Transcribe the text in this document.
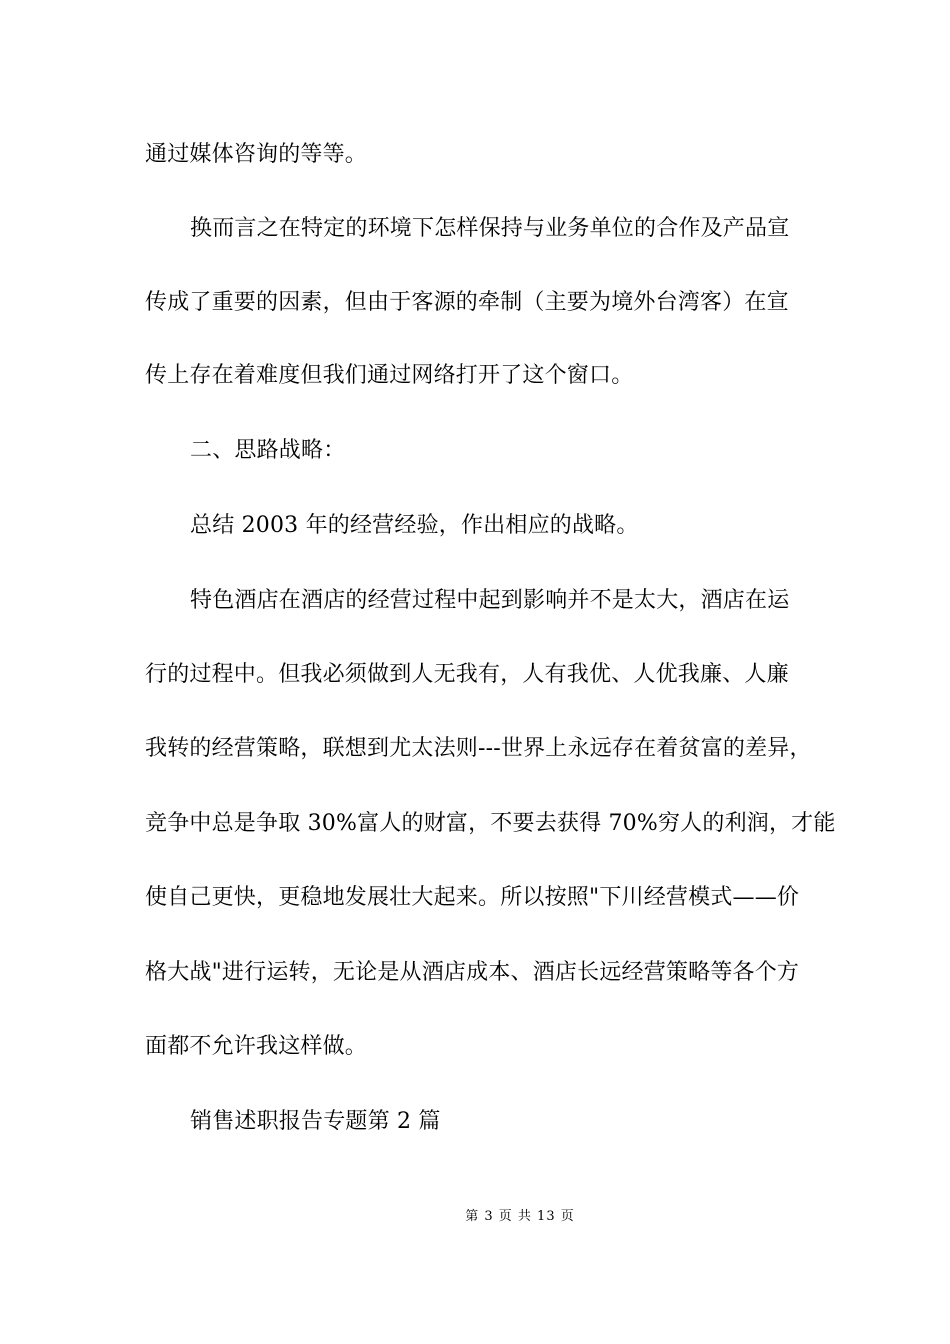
通过媒体咨询的等等。
换而言之在特定的环境下怎样保持与业务单位的合作及产品宣
传成了重要的因素，但由于客源的牵制（主要为境外台湾客）在宣
传上存在着难度但我们通过网络打开了这个窗口。
二、思路战略：
总结 2003 年的经营经验，作出相应的战略。
特色酒店在酒店的经营过程中起到影响并不是太大，酒店在运
行的过程中。但我必须做到人无我有，人有我优、人优我廉、人廉
我转的经营策略，联想到尤太法则---世界上永远存在着贫富的差异，
竞争中总是争取 30%富人的财富，不要去获得 70%穷人的利润，才能
使自己更快，更稳地发展壮大起来。所以按照"下川经营模式——价
格大战"进行运转，无论是从酒店成本、酒店长远经营策略等各个方
面都不允许我这样做。
销售述职报告专题第 2 篇
第 3 页 共 13 页
